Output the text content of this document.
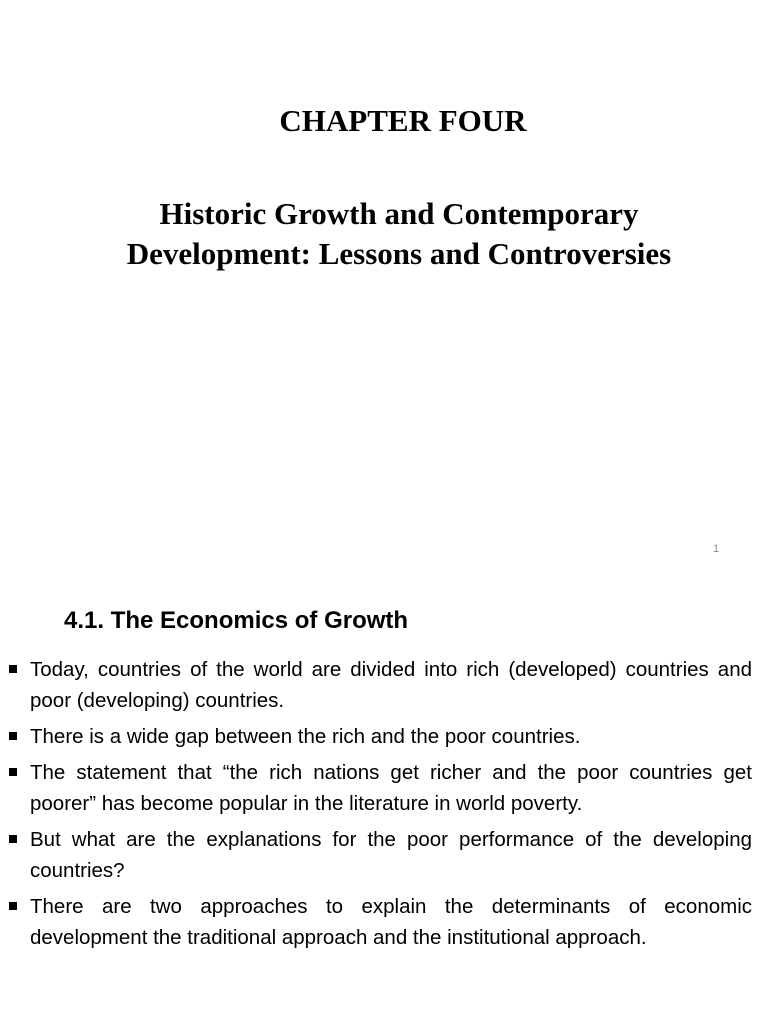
CHAPTER FOUR
Historic Growth and Contemporary
Development: Lessons and Controversies
1
4.1. The Economics of Growth
Today, countries of the world are divided into rich (developed) countries and poor (developing) countries.
There is a wide gap between the rich and the poor countries.
The statement that “the rich nations get richer and the poor countries get poorer” has become popular in the literature in world poverty.
But what are the explanations for the poor performance of the developing countries?
There are two approaches to explain the determinants of economic development the traditional approach and the institutional approach.
